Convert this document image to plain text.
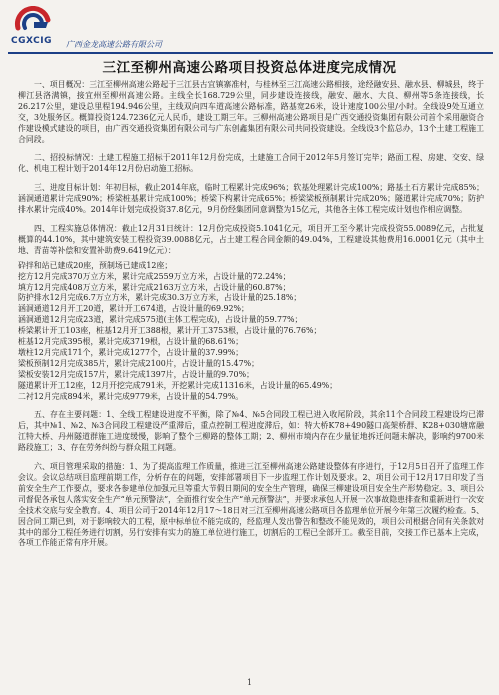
CGXCIG 广西金龙高速公路有限公司
三江至柳州高速公路项目投资总体进度完成情况

一、项目概况：三江至柳州高速公路起于三江县古宜镇寨准村，与桂林至三江高速公路相接，途经融安县、融水县、柳城县，终于柳江县洛满镇，接宜州至柳州高速公路。主线全长168.729公里，同步建设连接线，融安、融水、大良、柳州等5条连接线，长26.217公里，建设总里程194.946公里，主线双向四车道高速公路标准，路基宽26米，设计速度100公里/小时。全线设9处互通立交，3处服务区。概算投资124.7236亿元人民币，建设工期三年。三柳州高速公路项目是广西交通投资集团有限公司首个采用融资合作建设模式建设的项目，由广西交通投资集团有限公司与广东创鑫集团有限公司共同投资建设。全线设3个监总办，13个土建工程施工合同段。

二、招投标情况：土建工程施工招标于2011年12月份完成，土建施工合同于2012年5月签订完毕；路面工程、房建、交安、绿化、机电工程计划于2014年12月份启动施工招标。

三、进度目标计划：年初目标，截止2014年底，临时工程累计完成96%；软基处理累计完成100%；路基土石方累计完成85%；涵洞通道累计完成90%；桥梁桩基累计完成100%；桥梁下构累计完成65%；桥梁梁板预制累计完成20%；隧道累计完成70%；防护排水累计完成40%。2014年计划完成投资37.8亿元，9月份经集团同意调整为15亿元，其他各主体工程完成计划也作相应调整。

四、工程实施总体情况：截止12月31日统计：12月份完成投资5.1041亿元，项目开工至今累计完成投资55.0089亿元，占批复概算的44.10%，其中建筑安装工程投资39.0088亿元，占土建工程合同金额的49.04%，工程建设其他费用16.0001亿元（其中土地、青苗等补偿和安置补助费9.6419亿元）：

砕拌和站已建成20座，预制场已建成12座；

挖方12月完成370万立方米，累计完成2559万立方米，占设计量的72.24%；

填方12月完成408万立方米，累计完成2163万立方米，占设计量的60.87%；

防护排水12月完成6.7万立方米，累计完成30.3万立方米，占设计量的25.18%；

涵洞通道12月开工20道，累计开工674道，占设计量的69.92%；

涵洞通道12月完成23道，累计完成575道(主体工程完成)，占设计量的59.77%；

桥梁累计开工103座，桩基12月开工388根，累计开工3753根，占设计量的76.76%；

桩基12月完成395根，累计完成3719根，占设计量的68.61%；

墩柱12月完成171个，累计完成1277个，占设计量的37.99%；

梁板预制12月完成385片，累计完成2100片，占设计量的15.47%；

梁板安装12月完成157片，累计完成1397片，占设计量的9.70%；

隧道累计开工12座，12月开挖完成791米，开挖累计完成11316米，占设计量的65.49%；

二衬12月完成894米，累计完成9779米，占设计量的54.79%。

五、存在主要问题：1、全线工程建设进度不平衡，除了№4、№5合同段工程已进入收尾阶段，其余11个合同段工程建设均已滞后，其中№1、№2、№3合同段工程建设严重滞后，重点控制工程进度滞后，如：特大桥K78+490隧口高架桥群、K28+030塘席融江特大桥、丹州隧道群施工进度缓慢，影响了整个三柳路的整体工期；2、柳州市境内存在少量征地拆迁问题未解决，影响约9700米路段施工；3、存在劳务纠纷与群众阻工问题。

六、项目管理采取的措施：1、为了提高监理工作质量，推进三江至柳州高速公路建设整体有序进行，于12月5日召开了监理工作会议。会议总结项目监理前期工作，分析存在的问题，安排部署项目下一步监理工作计划及要求。2、项目公司于12月17日印发了当前安全生产工作要点，要求各参建单位加强元旦等重大节假日期间的安全生产管理，确保三柳建设项目安全生产形势稳定。3、项目公司督促各承包人落实安全生产“单元预警法”，全面推行安全生产“单元预警法”，并要求承包人开展一次事故隐患排查和重新进行一次安全技术交底与安全教育。4、项目公司于2014年12月17～18日对三江至柳州高速公路项目各监理单位开展今年第三次履约检查。5、因合同工期已到，对于影响较大的工程，原中标单位不能完成的，经监理人发出警告和整改不能见效的，项目公司根据合同有关条款对其中的部分工程任务进行切割，另行安排有实力的施工单位进行施工，切割后的工程已全部开工。截至目前，交接工作已基本上完成，各项工作能正常有序开展。

1
